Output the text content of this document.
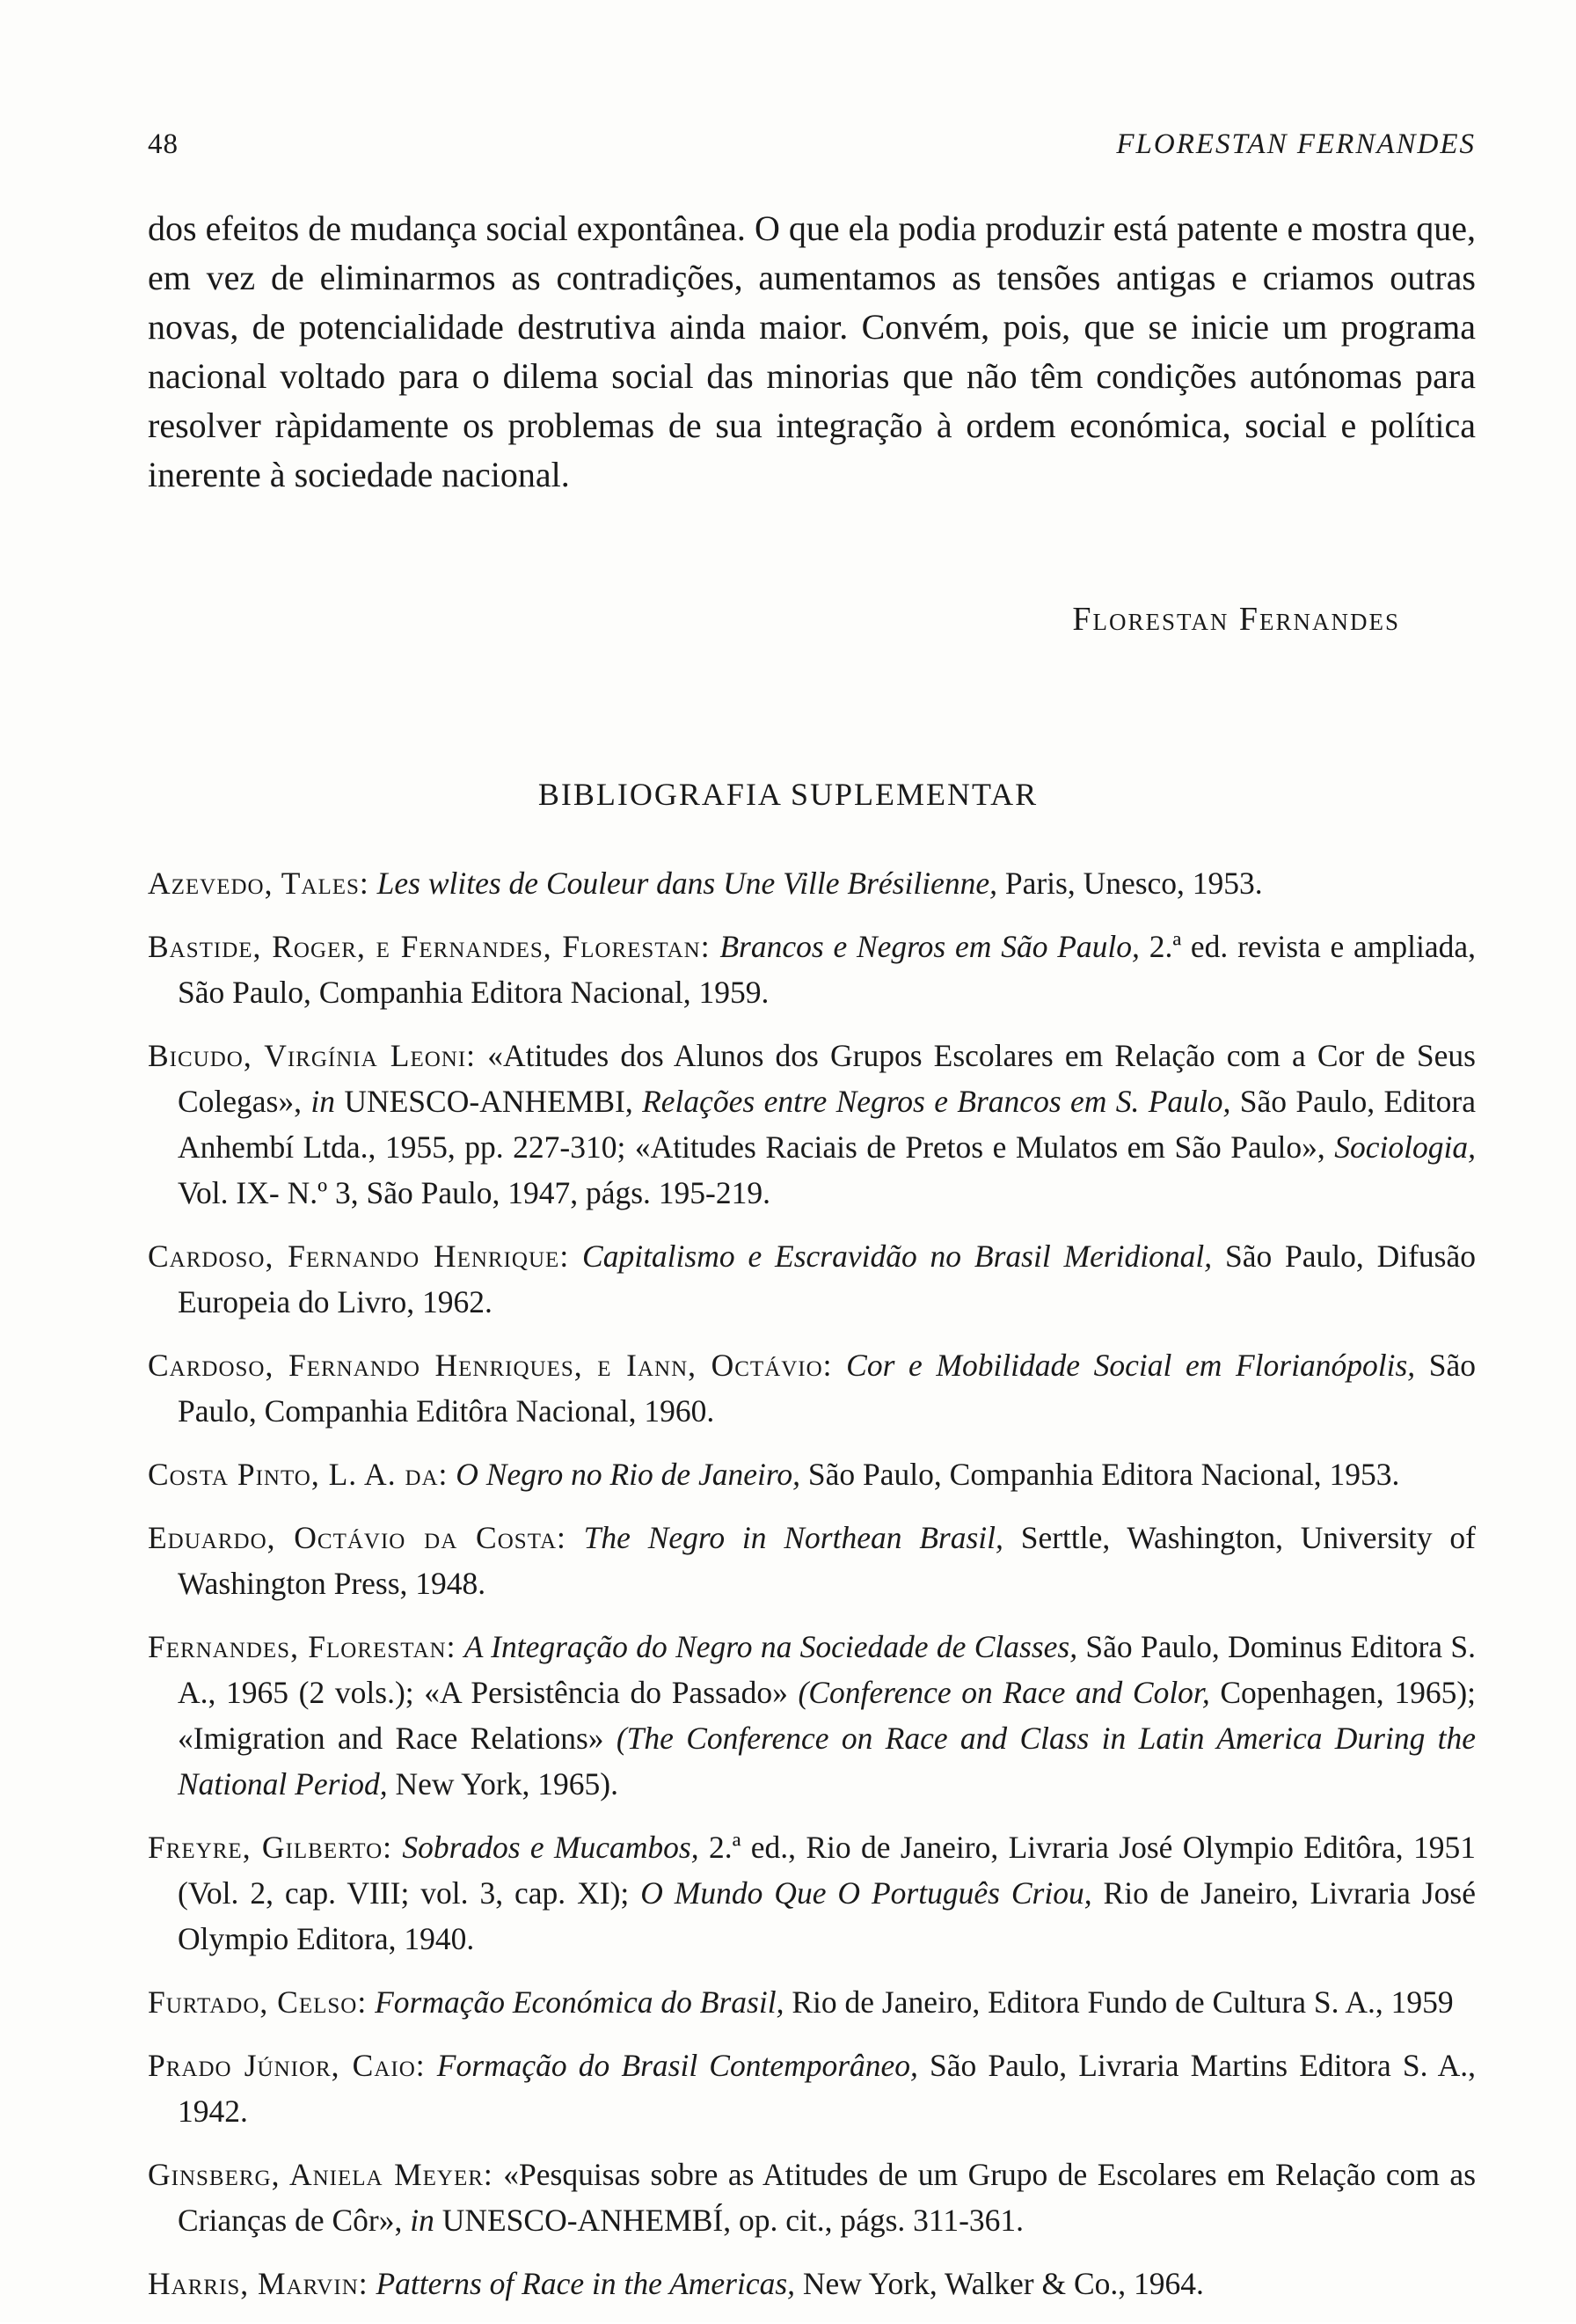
48	FLORESTAN FERNANDES

dos efeitos de mudança social expontânea. O que ela podia produzir está patente e mostra que, em vez de eliminarmos as contradições, aumentamos as tensões antigas e criamos outras novas, de potencialidade destrutiva ainda maior. Convém, pois, que se inicie um programa nacional voltado para o dilema social das minorias que não têm condições autónomas para resolver ràpidamente os problemas de sua integração à ordem económica, social e política inerente à sociedade nacional.

Florestan Fernandes
BIBLIOGRAFIA SUPLEMENTAR
Azevedo, Tales: Les wlites de Couleur dans Une Ville Brésilienne, Paris, Unesco, 1953.
Bastide, Roger, e Fernandes, Florestan: Brancos e Negros em São Paulo, 2.ª ed. revista e ampliada, São Paulo, Companhia Editora Nacional, 1959.
Bicudo, Virgínia Leoni: «Atitudes dos Alunos dos Grupos Escolares em Relação com a Cor de Seus Colegas», in UNESCO-ANHEMBI, Relações entre Negros e Brancos em S. Paulo, São Paulo, Editora Anhembí Ltda., 1955, pp. 227-310; «Atitudes Raciais de Pretos e Mulatos em São Paulo», Sociologia, Vol. IX- N.º 3, São Paulo, 1947, págs. 195-219.
Cardoso, Fernando Henrique: Capitalismo e Escravidão no Brasil Meridional, São Paulo, Difusão Europeia do Livro, 1962.
Cardoso, Fernando Henriques, e Iann, Octávio: Cor e Mobilidade Social em Florianópolis, São Paulo, Companhia Editôra Nacional, 1960.
Costa Pinto, L. A. da: O Negro no Rio de Janeiro, São Paulo, Companhia Editora Nacional, 1953.
Eduardo, Octávio da Costa: The Negro in Northean Brasil, Serttle, Washington, University of Washington Press, 1948.
Fernandes, Florestan: A Integração do Negro na Sociedade de Classes, São Paulo, Dominus Editora S. A., 1965 (2 vols.); «A Persistência do Passado» (Conference on Race and Color, Copenhagen, 1965); «Imigration and Race Relations» (The Conference on Race and Class in Latin America During the National Period, New York, 1965).
Freyre, Gilberto: Sobrados e Mucambos, 2.ª ed., Rio de Janeiro, Livraria José Olympio Editôra, 1951 (Vol. 2, cap. VIII; vol. 3, cap. XI); O Mundo Que O Português Criou, Rio de Janeiro, Livraria José Olympio Editora, 1940.
Furtado, Celso: Formação Económica do Brasil, Rio de Janeiro, Editora Fundo de Cultura S. A., 1959
Prado Júnior, Caio: Formação do Brasil Contemporâneo, São Paulo, Livraria Martins Editora S. A., 1942.
Ginsberg, Aniela Meyer: «Pesquisas sobre as Atitudes de um Grupo de Escolares em Relação com as Crianças de Côr», in UNESCO-ANHEMBÍ, op. cit., págs. 311-361.
Harris, Marvin: Patterns of Race in the Americas, New York, Walker & Co., 1964.
